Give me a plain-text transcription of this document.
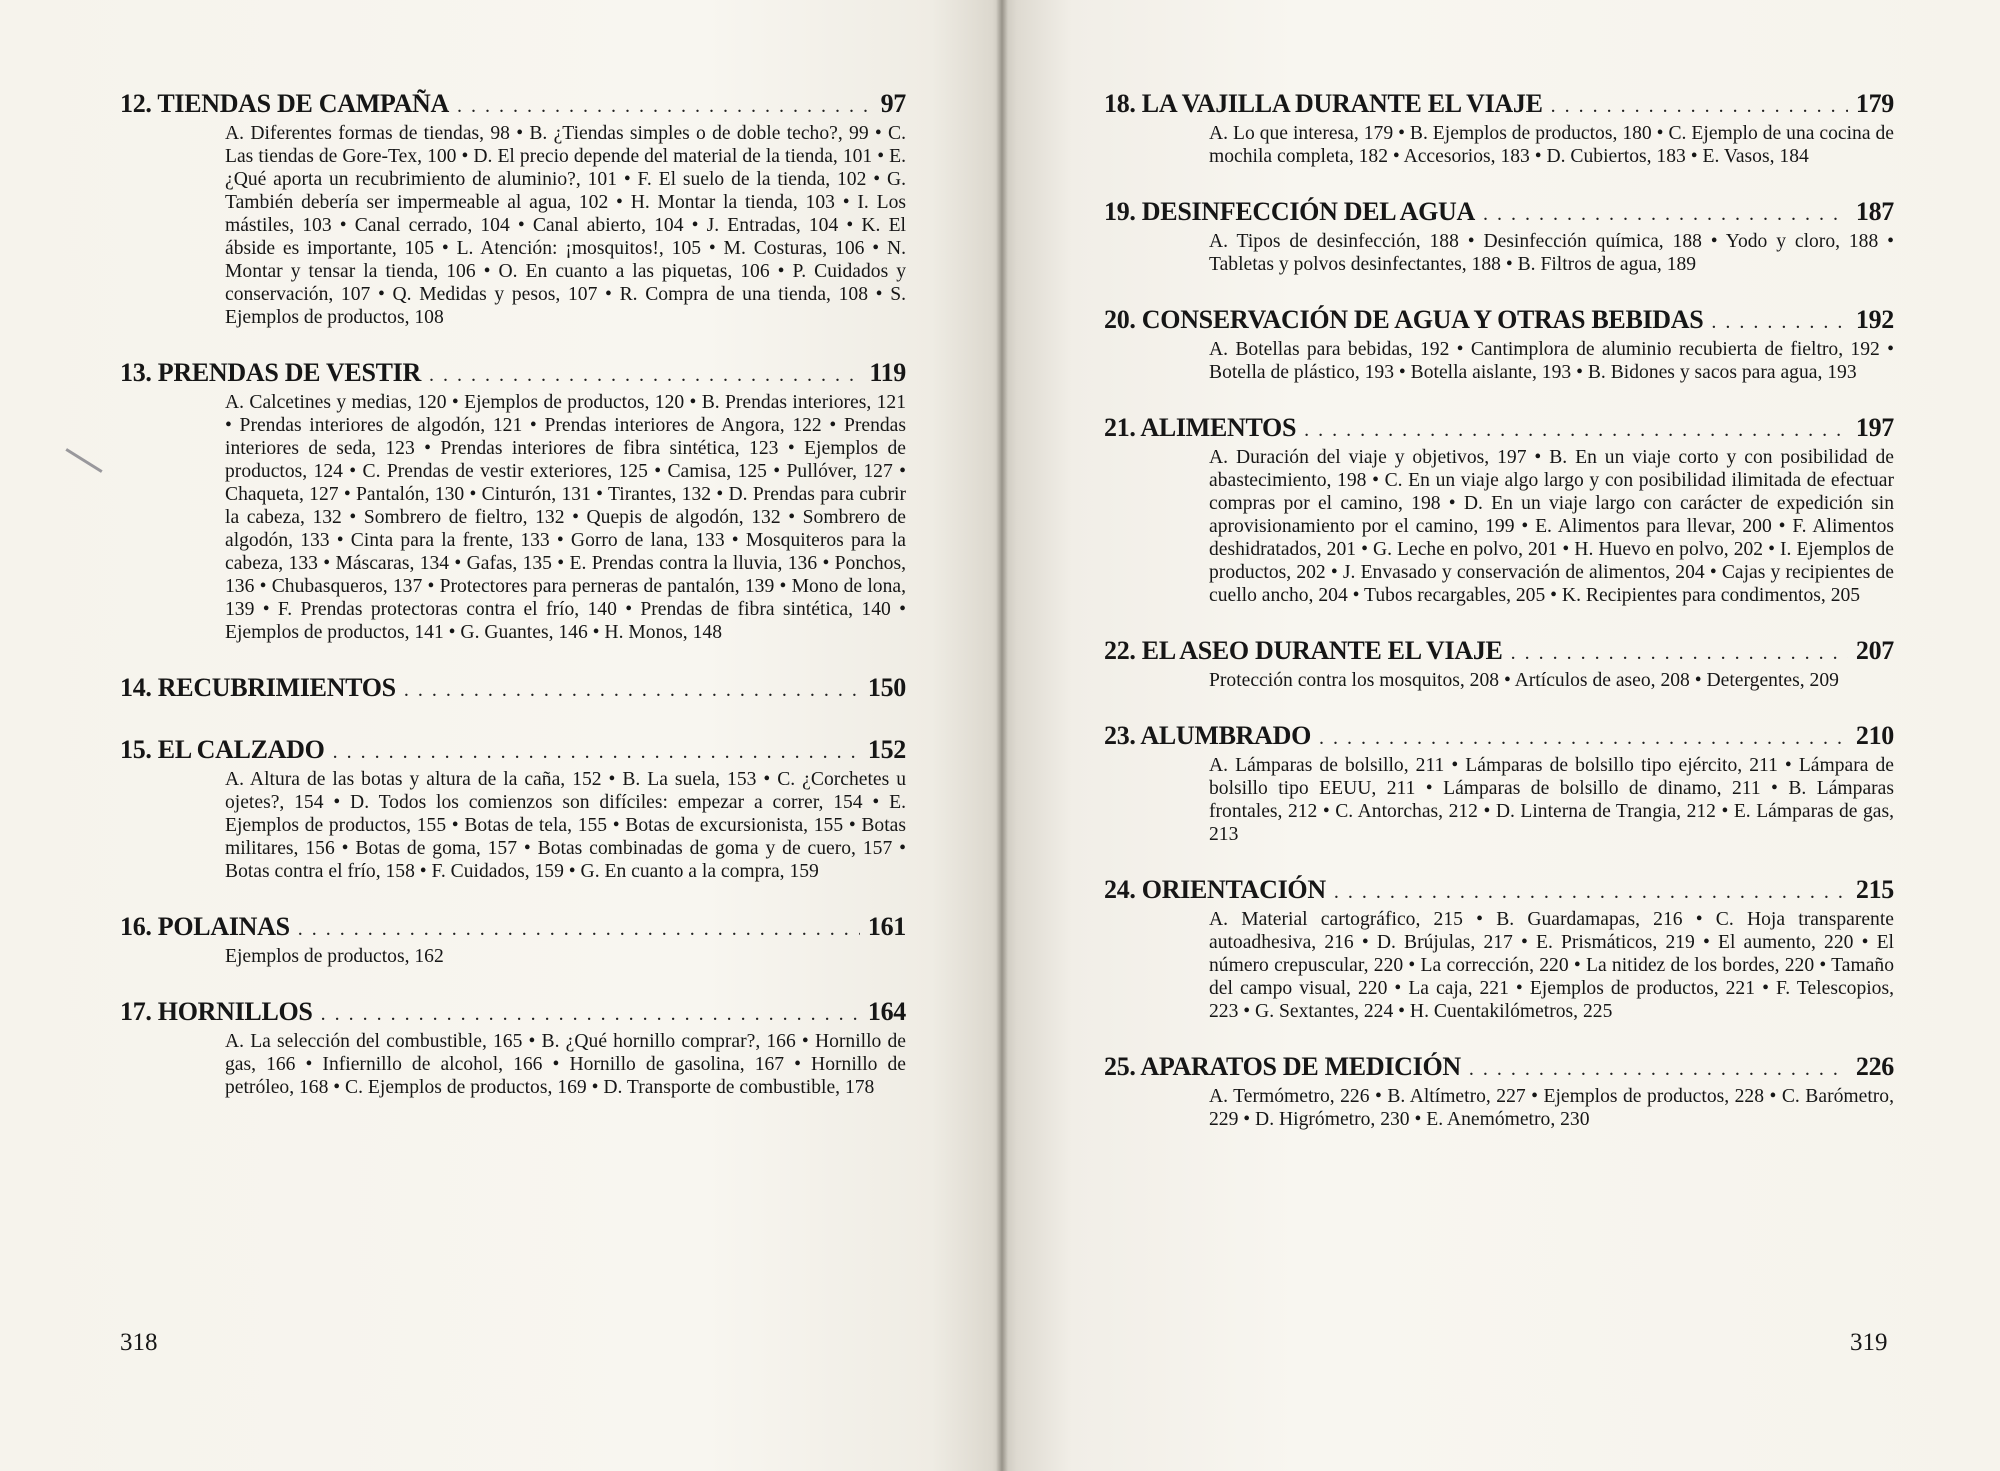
12. TIENDAS DE CAMPAÑA . . .	97
A. Diferentes formas de tiendas, 98 • B. ¿Tiendas simples o de doble techo?, 99 • C. Las tiendas de Gore-Tex, 100 • D. El precio depende del material de la tienda, 101 • E. ¿Qué aporta un recubrimiento de aluminio?, 101 • F. El suelo de la tienda, 102 • G. También debería ser impermeable al agua, 102 • H. Montar la tienda, 103 • I. Los mástiles, 103 • Canal cerrado, 104 • Canal abierto, 104 • J. Entradas, 104 • K. El ábside es importante, 105 • L. Atención: ¡mosquitos!, 105 • M. Costuras, 106 • N. Montar y tensar la tienda, 106 • O. En cuanto a las piquetas, 106 • P. Cuidados y conservación, 107 • Q. Medidas y pesos, 107 • R. Compra de una tienda, 108 • S. Ejemplos de productos, 108
13. PRENDAS DE VESTIR . . .	119
A. Calcetines y medias, 120 • Ejemplos de productos, 120 • B. Prendas interiores, 121 • Prendas interiores de algodón, 121 • Prendas interiores de Angora, 122 • Prendas interiores de seda, 123 • Prendas interiores de fibra sintética, 123 • Ejemplos de productos, 124 • C. Prendas de vestir exteriores, 125 • Camisa, 125 • Pullóver, 127 • Chaqueta, 127 • Pantalón, 130 • Cinturón, 131 • Tirantes, 132 • D. Prendas para cubrir la cabeza, 132 • Sombrero de fieltro, 132 • Quepis de algodón, 132 • Sombrero de algodón, 133 • Cinta para la frente, 133 • Gorro de lana, 133 • Mosquiteros para la cabeza, 133 • Máscaras, 134 • Gafas, 135 • E. Prendas contra la lluvia, 136 • Ponchos, 136 • Chubasqueros, 137 • Protectores para perneras de pantalón, 139 • Mono de lona, 139 • F. Prendas protectoras contra el frío, 140 • Prendas de fibra sintética, 140 • Ejemplos de productos, 141 • G. Guantes, 146 • H. Monos, 148
14. RECUBRIMIENTOS . . .	150
15. EL CALZADO . . .	152
A. Altura de las botas y altura de la caña, 152 • B. La suela, 153 • C. ¿Corchetes u ojetes?, 154 • D. Todos los comienzos son difíciles: empezar a correr, 154 • E. Ejemplos de productos, 155 • Botas de tela, 155 • Botas de excursionista, 155 • Botas militares, 156 • Botas de goma, 157 • Botas combinadas de goma y de cuero, 157 • Botas contra el frío, 158 • F. Cuidados, 159 • G. En cuanto a la compra, 159
16. POLAINAS . . .	161
Ejemplos de productos, 162
17. HORNILLOS . . .	164
A. La selección del combustible, 165 • B. ¿Qué hornillo comprar?, 166 • Hornillo de gas, 166 • Infiernillo de alcohol, 166 • Hornillo de gasolina, 167 • Hornillo de petróleo, 168 • C. Ejemplos de productos, 169 • D. Transporte de combustible, 178
318
18. LA VAJILLA DURANTE EL VIAJE . . .	179
A. Lo que interesa, 179 • B. Ejemplos de productos, 180 • C. Ejemplo de una cocina de mochila completa, 182 • Accesorios, 183 • D. Cubiertos, 183 • E. Vasos, 184
19. DESINFECCIÓN DEL AGUA . . .	187
A. Tipos de desinfección, 188 • Desinfección química, 188 • Yodo y cloro, 188 • Tabletas y polvos desinfectantes, 188 • B. Filtros de agua, 189
20. CONSERVACIÓN DE AGUA Y OTRAS BEBIDAS . . .	192
A. Botellas para bebidas, 192 • Cantimplora de aluminio recubierta de fieltro, 192 • Botella de plástico, 193 • Botella aislante, 193 • B. Bidones y sacos para agua, 193
21. ALIMENTOS . . .	197
A. Duración del viaje y objetivos, 197 • B. En un viaje corto y con posibilidad de abastecimiento, 198 • C. En un viaje algo largo y con posibilidad ilimitada de efectuar compras por el camino, 198 • D. En un viaje largo con carácter de expedición sin aprovisionamiento por el camino, 199 • E. Alimentos para llevar, 200 • F. Alimentos deshidratados, 201 • G. Leche en polvo, 201 • H. Huevo en polvo, 202 • I. Ejemplos de productos, 202 • J. Envasado y conservación de alimentos, 204 • Cajas y recipientes de cuello ancho, 204 • Tubos recargables, 205 • K. Recipientes para condimentos, 205
22. EL ASEO DURANTE EL VIAJE . . .	207
Protección contra los mosquitos, 208 • Artículos de aseo, 208 • Detergentes, 209
23. ALUMBRADO . . .	210
A. Lámparas de bolsillo, 211 • Lámparas de bolsillo tipo ejército, 211 • Lámpara de bolsillo tipo EEUU, 211 • Lámparas de bolsillo de dinamo, 211 • B. Lámparas frontales, 212 • C. Antorchas, 212 • D. Linterna de Trangia, 212 • E. Lámparas de gas, 213
24. ORIENTACIÓN . . .	215
A. Material cartográfico, 215 • B. Guardamapas, 216 • C. Hoja transparente autoadhesiva, 216 • D. Brújulas, 217 • E. Prismáticos, 219 • El aumento, 220 • El número crepuscular, 220 • La corrección, 220 • La nitidez de los bordes, 220 • Tamaño del campo visual, 220 • La caja, 221 • Ejemplos de productos, 221 • F. Telescopios, 223 • G. Sextantes, 224 • H. Cuentakilómetros, 225
25. APARATOS DE MEDICIÓN . . .	226
A. Termómetro, 226 • B. Altímetro, 227 • Ejemplos de productos, 228 • C. Barómetro, 229 • D. Higrómetro, 230 • E. Anemómetro, 230
319
